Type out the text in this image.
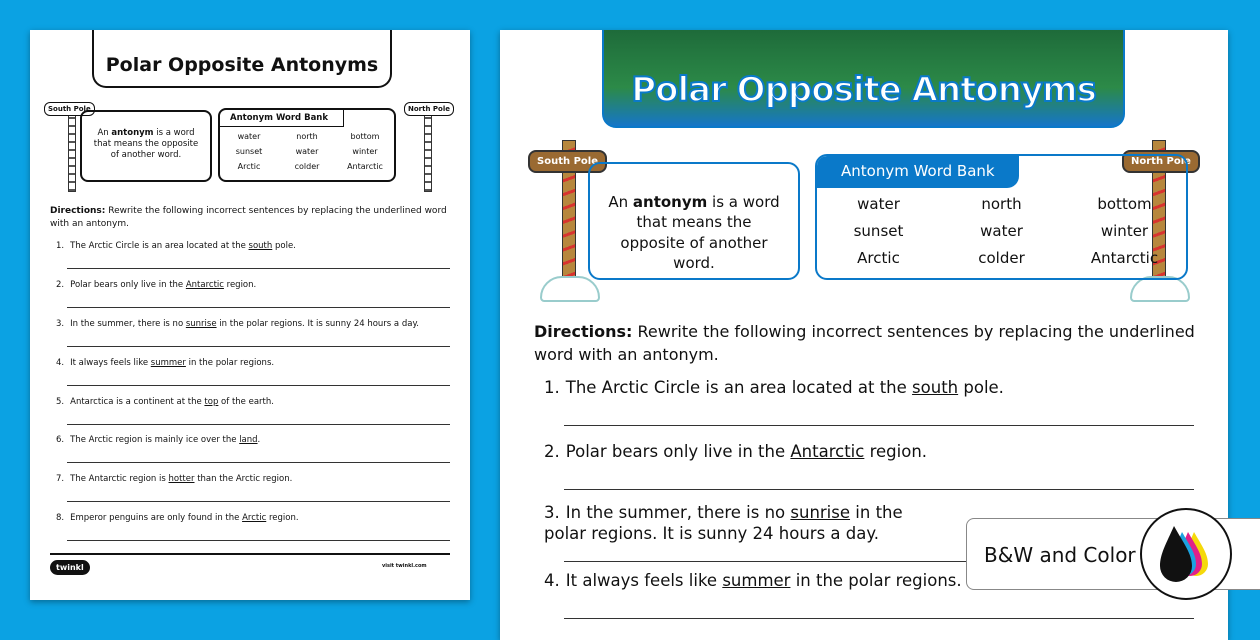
Polar Opposite Antonyms
South Pole	North Pole
An antonym is a word that means the opposite of another word.
Antonym Word Bank
water	north	bottom
sunset	water	winter
Arctic	colder	Antarctic
Directions: Rewrite the following incorrect sentences by replacing the underlined word with an antonym.
1. The Arctic Circle is an area located at the south pole.
2. Polar bears only live in the Antarctic region.
3. In the summer, there is no sunrise in the polar regions. It is sunny 24 hours a day.
4. It always feels like summer in the polar regions.
5. Antarctica is a continent at the top of the earth.
6. The Arctic region is mainly ice over the land.
7. The Antarctic region is hotter than the Arctic region.
8. Emperor penguins are only found in the Arctic region.
twinkl	visit twinkl.com
Polar Opposite Antonyms
South Pole	North Pole
An antonym is a word that means the opposite of another word.
Antonym Word Bank
water	north	bottom
sunset	water	winter
Arctic	colder	Antarctic
Directions: Rewrite the following incorrect sentences by replacing the underlined word with an antonym.
1. The Arctic Circle is an area located at the south pole.
2. Polar bears only live in the Antarctic region.
3. In the summer, there is no sunrise in the polar regions. It is sunny 24 hours a day.
4. It always feels like summer in the polar regions.
B&W and Color
